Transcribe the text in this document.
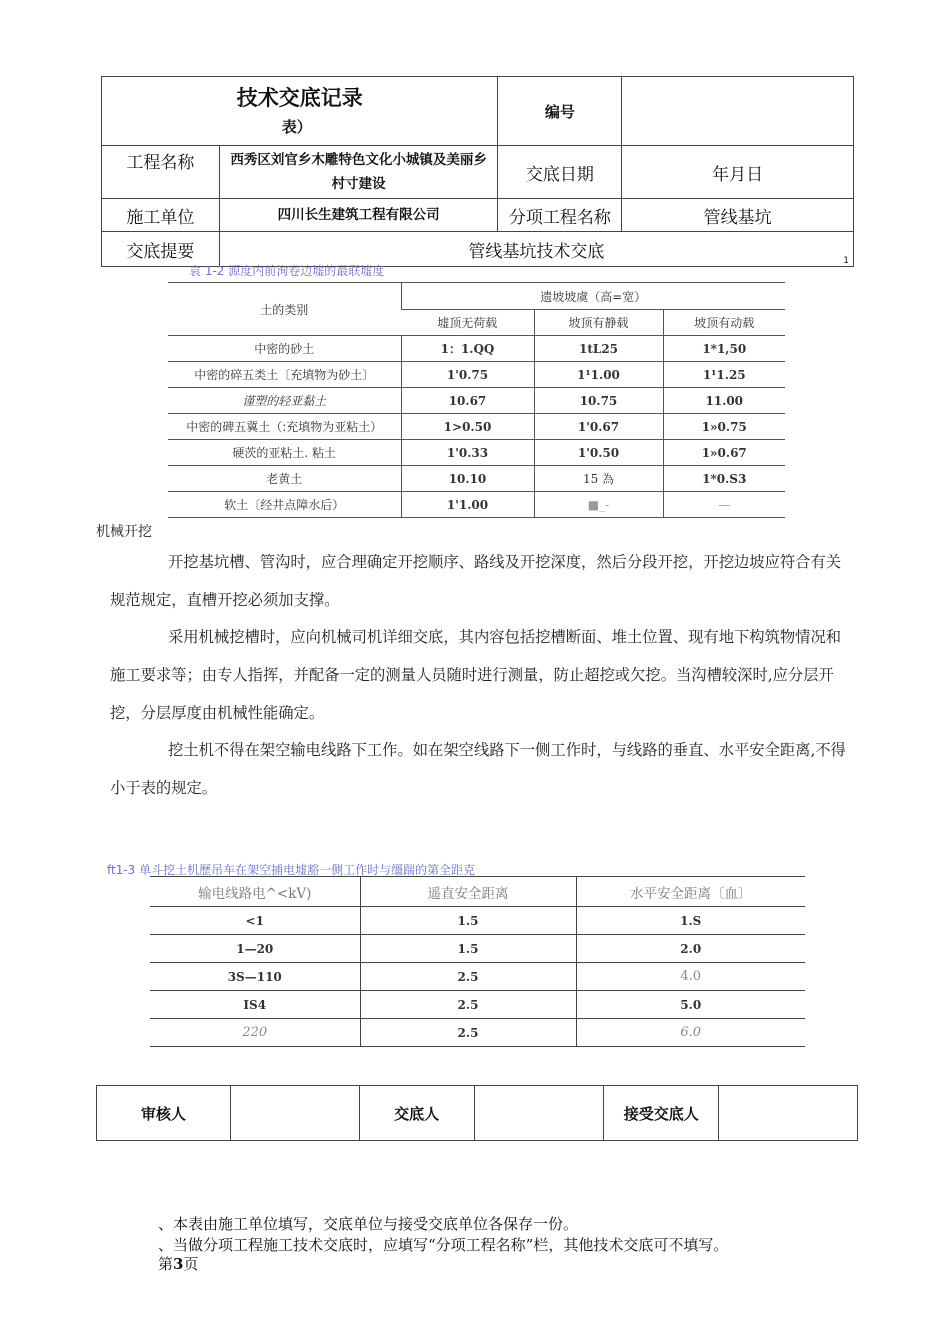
技术交底记录
表）		编号	
工程名称	西秀区刘官乡木雕特色文化小城镇及美丽乡村寸建设	交底日期	年月日
施工单位	四川长生建筑工程有限公司	分项工程名称	管线基坑
交底提要	管线基坑技术交底 1		
袁 1-2 源度内前洵卷边墟的最联墟度
土的类别	遗坡坡虞（高=宽）		
	墟顶无荷载	坡顶有静载	坡顶有动载
中密的砂土	1：1.QQ	1tL25	1*1,50
中密的碎五类土〔充填物为砂土〕	1'0.75	1¹1.00	1¹1.25
谨塑的轻亚黏土	10.67	10.75	11.00
中密的碑五冀土（:充填物为亚粘土）	1>0.50	1'0.67	1»0.75
硬茨的亚粘土. 粘土	1'0.33	1'0.50	1»0.67
老黄土	10.10	15 為	1*0.S3
软土〔经井点障水后）	1'1.00	■_-	—
机械开挖
开挖基坑槽、管沟时，应合理确定开挖顺序、路线及开挖深度，然后分段开挖，开挖边坡应符合有关规范规定，直槽开挖必须加支撑。
采用机械挖槽时，应向机械司机详细交底，其内容包括挖槽断面、堆土位置、现有地下构筑物情况和施工要求等；由专人指挥，并配备一定的测量人员随时进行测量，防止超挖或欠挖。当沟槽较深时,应分层开挖，分层厚度由机械性能确定。
挖土机不得在架空输电线路下工作。如在架空线路下一侧工作时，与线路的垂直、水平安全距离,不得小于表的规定。
ft1-3 单斗挖土机歷吊车在架空捕电墟豁一侧工作时与缰踹的第全距克
输电线路电^<kV)	遥直安全距离	水平安全距离〔血〕
<1	1.5	1.S
1—20	1.5	2.0
3S—110	2.5	4.0
IS4	2.5	5.0
220	2.5	6.0
审核人		交底人		接受交底人	
、本表由施工单位填写，交底单位与接受交底单位各保存一份。
、当做分项工程施工技术交底时，应填写“分项工程名称”栏，其他技术交底可不填写。
第3页
